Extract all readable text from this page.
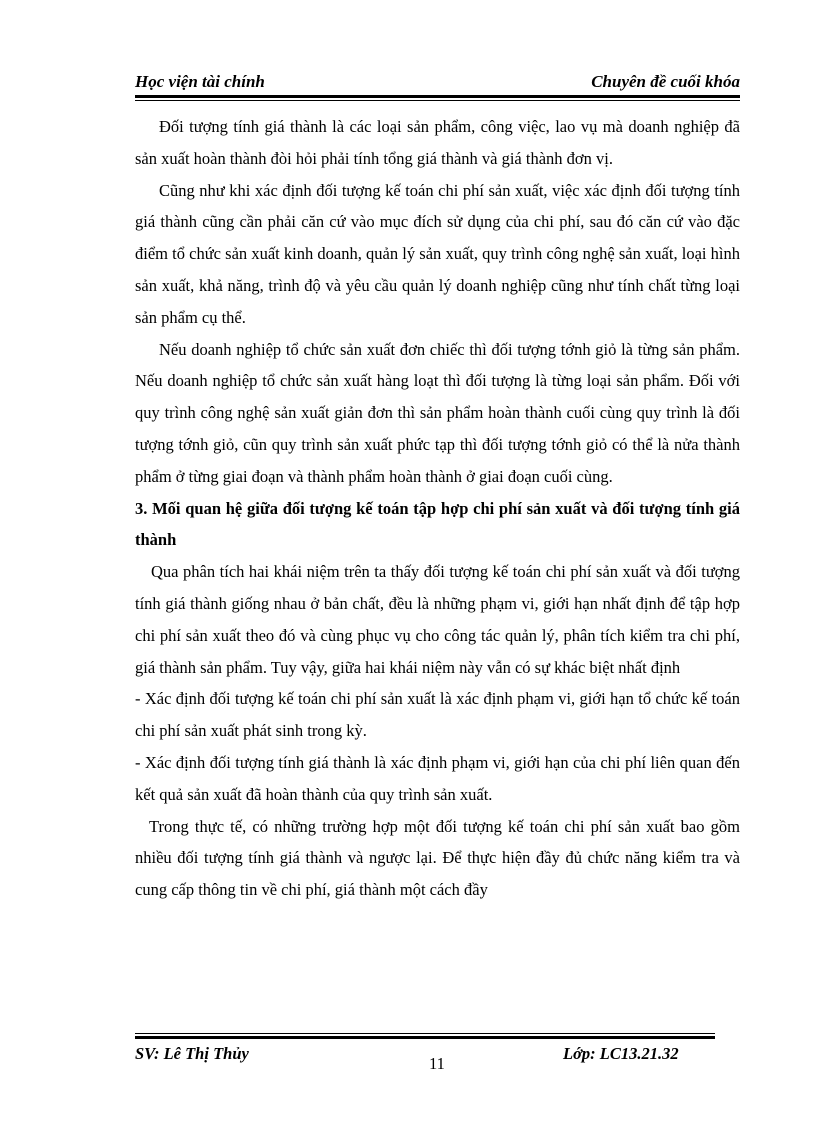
Học viện tài chính	Chuyên đề cuối khóa

Đối tượng tính giá thành là các loại sản phẩm, công việc, lao vụ mà doanh nghiệp đã sản xuất hoàn thành đòi hỏi phải tính tổng giá thành và giá thành đơn vị.

Cũng như khi xác định đối tượng kế toán chi phí sản xuất, việc xác định đối tượng tính giá thành cũng cần phải căn cứ vào mục đích sử dụng của chi phí, sau đó căn cứ vào đặc điểm tổ chức sản xuất kinh doanh, quản lý sản xuất, quy trình công nghệ sản xuất, loại hình sản xuất, khả năng, trình độ và yêu cầu quản lý doanh nghiệp cũng như tính chất từng loại sản phẩm cụ thể.

Nếu doanh nghiệp tổ chức sản xuất đơn chiếc thì đối tượng tớnh giỏ là từng sản phẩm. Nếu doanh nghiệp tổ chức sản xuất hàng loạt thì đối tượng là từng loại sản phẩm. Đối với quy trình công nghệ sản xuất giản đơn thì sản phẩm hoàn thành cuối cùng quy trình là đối tượng tớnh giỏ, cũn quy trình sản xuất phức tạp thì đối tượng tớnh giỏ có thể là nửa thành phẩm ở từng giai đoạn và thành phẩm hoàn thành ở giai đoạn cuối cùng.

3. Mối quan hệ giữa đối tượng kế toán tập hợp chi phí sản xuất và đối tượng tính giá thành

Qua phân tích hai khái niệm trên ta thấy đối tượng kế toán chi phí sản xuất và đối tượng tính giá thành giống nhau ở bản chất, đều là những phạm vi, giới hạn nhất định để tập hợp chi phí sản xuất theo đó và cùng phục vụ cho công tác quản lý, phân tích kiểm tra chi phí, giá thành sản phẩm. Tuy vậy, giữa hai khái niệm này vẫn có sự khác biệt nhất định

- Xác định đối tượng kế toán chi phí sản xuất là xác định phạm vi, giới hạn tổ chức kế toán chi phí sản xuất phát sinh trong kỳ.

- Xác định đối tượng tính giá thành là xác định phạm vi, giới hạn của chi phí liên quan đến kết quả sản xuất đã hoàn thành của quy trình sản xuất.

Trong thực tế, có những trường hợp một đối tượng kế toán chi phí sản xuất bao gồm nhiều đối tượng tính giá thành và ngược lại. Để thực hiện đầy đủ chức năng kiểm tra và cung cấp thông tin về chi phí, giá thành một cách đầy

SV: Lê Thị Thủy
11
Lớp: LC13.21.32
